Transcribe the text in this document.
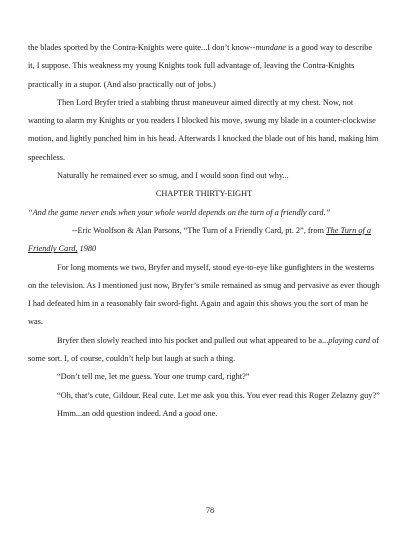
the blades sported by the Contra-Knights were quite...I don’t know--mundane is a good way to describe it, I suppose. This weakness my young Knights took full advantage of, leaving the Contra-Knights practically in a stupor. (And also practically out of jobs.)

Then Lord Bryfer tried a stabbing thrust maneuveur aimed directly at my chest. Now, not wanting to alarm my Knights or you readers I blocked his move, swung my blade in a counter-clockwise motion, and lightly punched him in his head. Afterwards I knocked the blade out of his hand, making him speechless.

Naturally he remained ever so smug, and I would soon find out why...

CHAPTER THIRTY-EIGHT

“And the game never ends when your whole world depends on the turn of a friendly card.”

--Eric Woolfson & Alan Parsons, “The Turn of a Friendly Card, pt. 2”, from The Turn of a Friendly Card, 1980

For long moments we two, Bryfer and myself, stood eye-to-eye like gunfighters in the westerns on the television. As I mentioned just now, Bryfer’s smile remained as smug and pervasive as ever though I had defeated him in a reasonably fair sword-fight. Again and again this shows you the sort of man he was.

Bryfer then slowly reached into his pocket and pulled out what appeared to be a...playing card of some sort. I, of course, couldn’t help but laugh at such a thing.

“Don’t tell me, let me guess. Your one trump card, right?”

“Oh, that’s cute, Gildour. Real cute. Let me ask you this. You ever read this Roger Zelazny guy?”

Hmm...an odd question indeed. And a good one.

78
